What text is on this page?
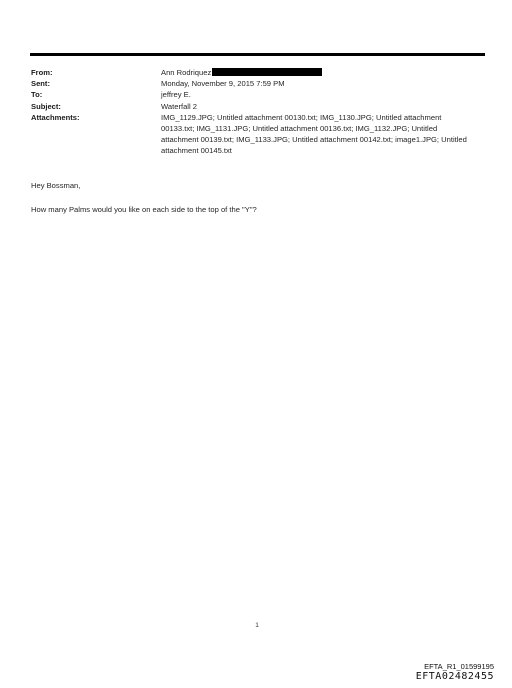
From:	Ann Rodriquez
Sent:	Monday, November 9, 2015 7:59 PM
To:	jeffrey E.
Subject:	Waterfall 2
Attachments:	IMG_1129.JPG; Untitled attachment 00130.txt; IMG_1130.JPG; Untitled attachment 00133.txt; IMG_1131.JPG; Untitled attachment 00136.txt; IMG_1132.JPG; Untitled attachment 00139.txt; IMG_1133.JPG; Untitled attachment 00142.txt; image1.JPG; Untitled attachment 00145.txt

Hey Bossman,

How many Palms would you like on each side to the top of the "Y"?

1
EFTA_R1_01599195
EFTA02482455
